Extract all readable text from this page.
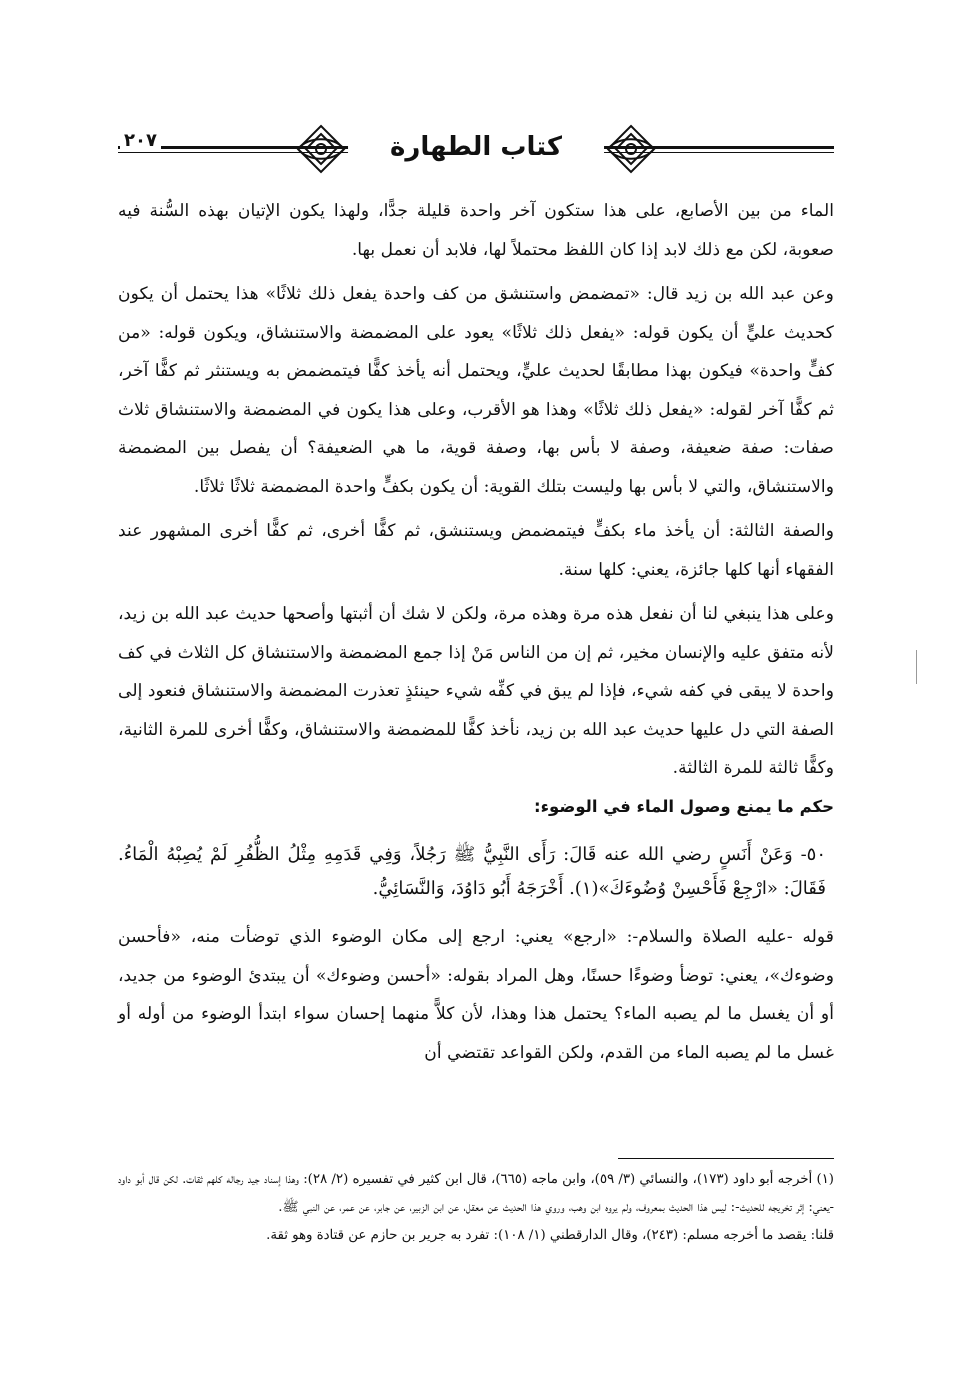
كتاب الطهارة
٢٠٧

الماء من بين الأصابع، على هذا ستكون آخر واحدة قليلة جدًّا، ولهذا يكون الإتيان بهذه السُّنة فيه صعوبة، لكن مع ذلك لابد إذا كان اللفظ محتملاً لها، فلابد أن نعمل بها.

وعن عبد الله بن زيد قال: «تمضمض واستنشق من كف واحدة يفعل ذلك ثلاثًا» هذا يحتمل أن يكون كحديث عليٍّ أن يكون قوله: «يفعل ذلك ثلاثًا» يعود على المضمضة والاستنشاق، ويكون قوله: «من كفٍّ واحدة» فيكون بهذا مطابقًا لحديث عليٍّ، ويحتمل أنه يأخذ كفًّا فيتمضمض به ويستنثر ثم كفًّا آخر، ثم كفًّا آخر لقوله: «يفعل ذلك ثلاثًا» وهذا هو الأقرب، وعلى هذا يكون في المضمضة والاستنشاق ثلاث صفات: صفة ضعيفة، وصفة لا بأس بها، وصفة قوية، ما هي الضعيفة؟ أن يفصل بين المضمضة والاستنشاق، والتي لا بأس بها وليست بتلك القوية: أن يكون بكفٍّ واحدة المضمضة ثلاثًا ثلاثًا.

والصفة الثالثة: أن يأخذ ماء بكفٍّ فيتمضمض ويستنشق، ثم كفًّا أخرى، ثم كفًّا أخرى المشهور عند الفقهاء أنها كلها جائزة، يعني: كلها سنة.

وعلى هذا ينبغي لنا أن نفعل هذه مرة وهذه مرة، ولكن لا شك أن أثبتها وأصحها حديث عبد الله بن زيد، لأنه متفق عليه والإنسان مخير، ثم إن من الناس مَنْ إذا جمع المضمضة والاستنشاق كل الثلاث في كف واحدة لا يبقى في كفه شيء، فإذا لم يبق في كفِّه شيء حينئذٍ تعذرت المضمضة والاستنشاق فنعود إلى الصفة التي دل عليها حديث عبد الله بن زيد، نأخذ كفًّا للمضمضة والاستنشاق، وكفًّا أخرى للمرة الثانية، وكفًّا ثالثة للمرة الثالثة.

حكم ما يمنع وصول الماء في الوضوء:

٥٠- وَعَنْ أَنَسٍ رضي الله عنه قَالَ: رَأَى النَّبِيُّ ﷺ رَجُلاً، وَفِي قَدَمِهِ مِثْلُ الظُّفُرِ لَمْ يُصِبْهُ الْمَاءُ. فَقَالَ: «ارْجِعْ فَأَحْسِنْ وُضُوءَكَ»(١). أَخْرَجَهُ أَبُو دَاوُدَ، وَالنَّسَائِيُّ.

قوله -عليه الصلاة والسلام-: «ارجع» يعني: ارجع إلى مكان الوضوء الذي توضأت منه، «فأحسن وضوءك»، يعني: توضأ وضوءًا حسنًا، وهل المراد بقوله: «أحسن وضوءك» أن يبتدئ الوضوء من جديد، أو أن يغسل ما لم يصبه الماء؟ يحتمل هذا وهذا، لأن كلاًّ منهما إحسان سواء ابتدأ الوضوء من أوله أو غسل ما لم يصبه الماء من القدم، ولكن القواعد تقتضي أن

(١) أخرجه أبو داود (١٧٣)، والنسائي (٣/ ٥٩)، وابن ماجه (٦٦٥)، قال ابن كثير في تفسيره (٢/ ٢٨): وهذا إسناد جيد رجاله كلهم ثقات. لكن قال أبو داود -يعني: إثر تخريجه للحديث-: ليس هذا الحديث بمعروف، ولم يروه ابن وهب، وروي هذا الحديث عن معقل، عن ابن الزبير، عن جابر، عن عمر، عن النبي ﷺ.

قلنا: يقصد ما أخرجه مسلم: (٢٤٣)، وقال الدارقطني (١/ ١٠٨): تفرد به جرير بن حازم عن قتادة وهو ثقة.
